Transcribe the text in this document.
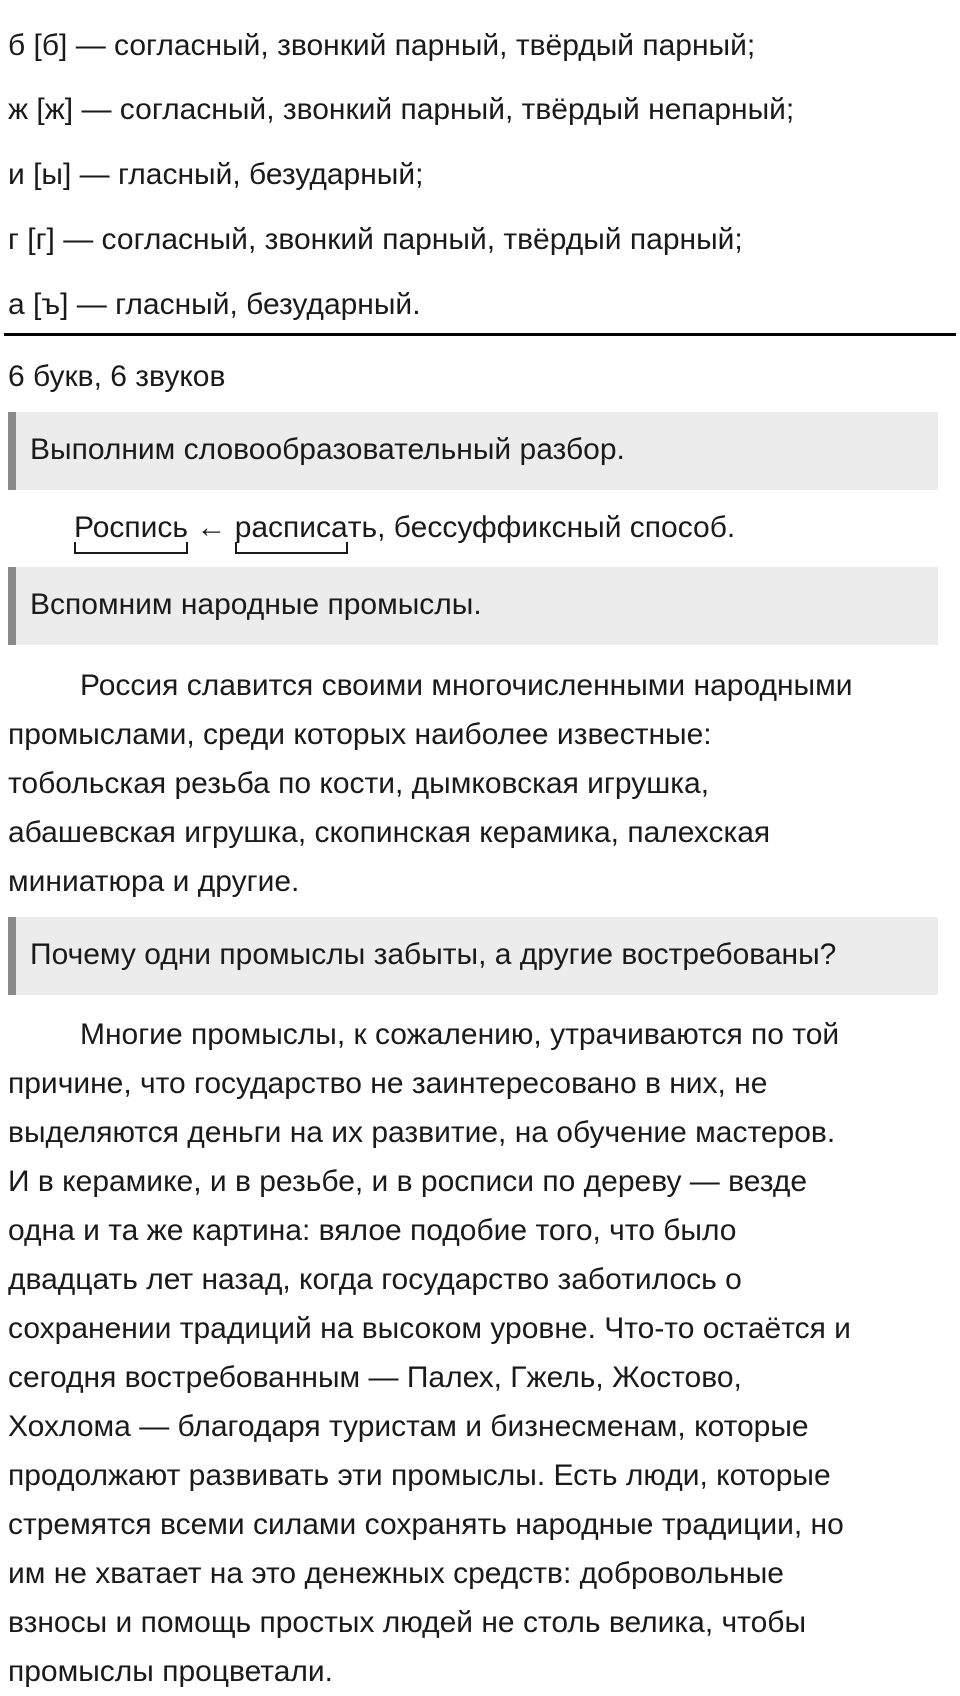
б [б] — согласный, звонкий парный, твёрдый парный;
ж [ж] — согласный, звонкий парный, твёрдый непарный;
и [ы] — гласный, безударный;
г [г] — согласный, звонкий парный, твёрдый парный;
а [ъ] — гласный, безударный.
6 букв, 6 звуков
Выполним словообразовательный разбор.
Роспись
← расписа
ть, бессуффиксный способ.
Вспомним народные промыслы.
Россия славится своими многочисленными народными
промыслами, среди которых наиболее известные:
тобольская резьба по кости, дымковская игрушка,
абашевская игрушка, скопинская керамика, палехская
миниатюра и другие.
Почему одни промыслы забыты, а другие востребованы?
Многие промыслы, к сожалению, утрачиваются по той
причине, что государство не заинтересовано в них, не
выделяются деньги на их развитие, на обучение мастеров.
И в керамике, и в резьбе, и в росписи по дереву — везде
одна и та же картина: вялое подобие того, что было
двадцать лет назад, когда государство заботилось о
сохранении традиций на высоком уровне. Что-то остаётся и
сегодня востребованным — Палех, Гжель, Жостово,
Хохлома — благодаря туристам и бизнесменам, которые
продолжают развивать эти промыслы. Есть люди, которые
стремятся всеми силами сохранять народные традиции, но
им не хватает на это денежных средств: добровольные
взносы и помощь простых людей не столь велика, чтобы
промыслы процветали.
